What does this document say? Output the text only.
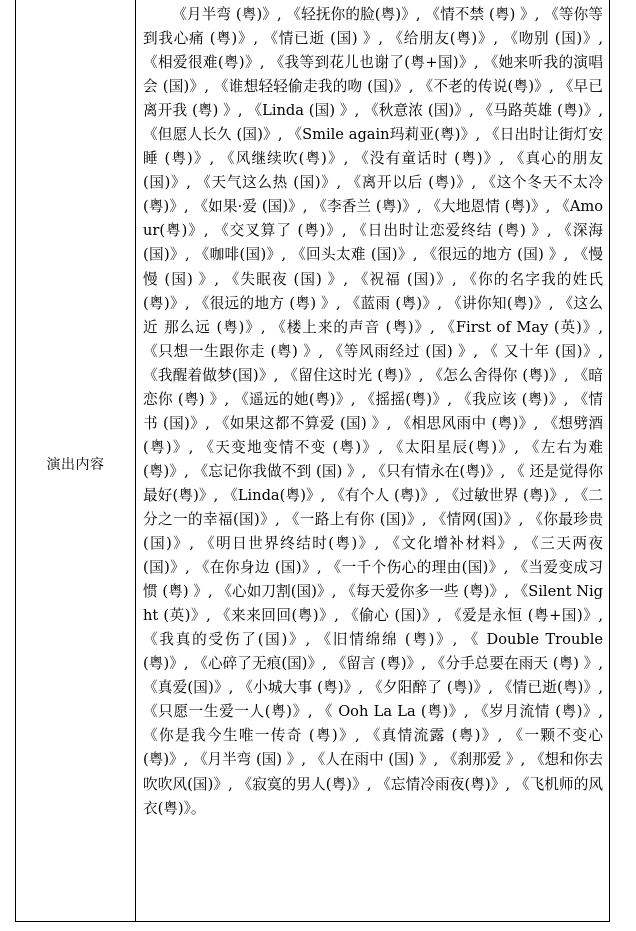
演出内容

《月半弯 (粤)》, 《轻抚你的脸(粤)》, 《情不禁 (粤) 》, 《等你等到我心痛 (粤)》, 《情已逝 (国) 》, 《给朋友(粤)》, 《吻别 (国)》, 《相爱很难(粤)》, 《我等到花儿也谢了(粤+国)》, 《她来听我的演唱会 (国)》, 《谁想轻轻偷走我的吻 (国)》, 《不老的传说(粤)》, 《早已离开我 (粤) 》, 《Linda (国) 》, 《秋意浓 (国)》, 《马路英雄 (粤)》, 《但愿人长久 (国)》, 《Smile again玛莉亚(粤)》, 《日出时让街灯安睡 (粤)》, 《风继续吹(粤)》, 《没有童话时 (粤)》, 《真心的朋友 (国)》, 《天气这么热 (国)》, 《离开以后 (粤)》, 《这个冬天不太冷(粤)》, 《如果·爱 (国)》, 《李香兰 (粤)》, 《大地恩情 (粤)》, 《Amour(粤)》, 《交叉算了 (粤)》, 《日出时让恋爱终结 (粤) 》, 《深海 (国)》, 《咖啡(国)》, 《回头太难 (国)》, 《很远的地方 (国) 》, 《慢慢 (国) 》, 《失眠夜 (国) 》, 《祝福 (国)》, 《你的名字我的姓氏(粤)》, 《很远的地方 (粤) 》, 《蓝雨 (粤)》, 《讲你知(粤)》, 《这么近 那么远 (粤)》, 《楼上来的声音 (粤)》, 《First of May (英)》, 《只想一生跟你走 (粤) 》, 《等风雨经过 (国) 》, 《 又十年 (国)》, 《我醒着做梦(国)》, 《留住这时光 (粤)》, 《怎么舍得你 (粤)》, 《暗恋你 (粤) 》, 《遥远的她(粤)》, 《摇摇(粤)》, 《我应该 (粤)》, 《情书 (国)》, 《如果这都不算爱 (国) 》, 《相思风雨中 (粤)》, 《想劈酒 (粤)》, 《天变地变情不变 (粤)》, 《太阳星辰(粤)》, 《左右为难(粤)》, 《忘记你我做不到 (国) 》, 《只有情永在(粤)》, 《 还是觉得你最好(粤)》, 《Linda(粤)》, 《有个人 (粤)》, 《过敏世界 (粤)》, 《二分之一的幸福(国)》, 《一路上有你 (国)》, 《情网(国)》, 《你最珍贵(国)》, 《明日世界终结时(粤)》, 《文化增补材料》, 《三天两夜 (国)》, 《在你身边 (国)》, 《一千个伤心的理由(国)》, 《当爱变成习惯 (粤) 》, 《心如刀割(国)》, 《每天爱你多一些 (粤)》, 《Silent Night (英)》, 《来来回回(粤)》, 《偷心 (国)》, 《爱是永恒 (粤+国)》, 《我真的受伤了(国)》, 《旧情绵绵 (粤)》, 《 Double Trouble (粤)》, 《心碎了无痕(国)》, 《留言 (粤)》, 《分手总要在雨天 (粤) 》, 《真爱(国)》, 《小城大事 (粤)》, 《夕阳醉了 (粤)》, 《情已逝(粤)》, 《只愿一生爱一人(粤)》, 《 Ooh La La (粤)》, 《岁月流情 (粤)》, 《你是我今生唯一传奇 (粤)》, 《真情流露 (粤)》, 《一颗不变心 (粤)》, 《月半弯 (国) 》, 《人在雨中 (国) 》, 《刹那爱 》, 《想和你去吹吹风(国)》, 《寂寞的男人(粤)》, 《忘情冷雨夜(粤)》, 《飞机师的风衣(粤)》。
